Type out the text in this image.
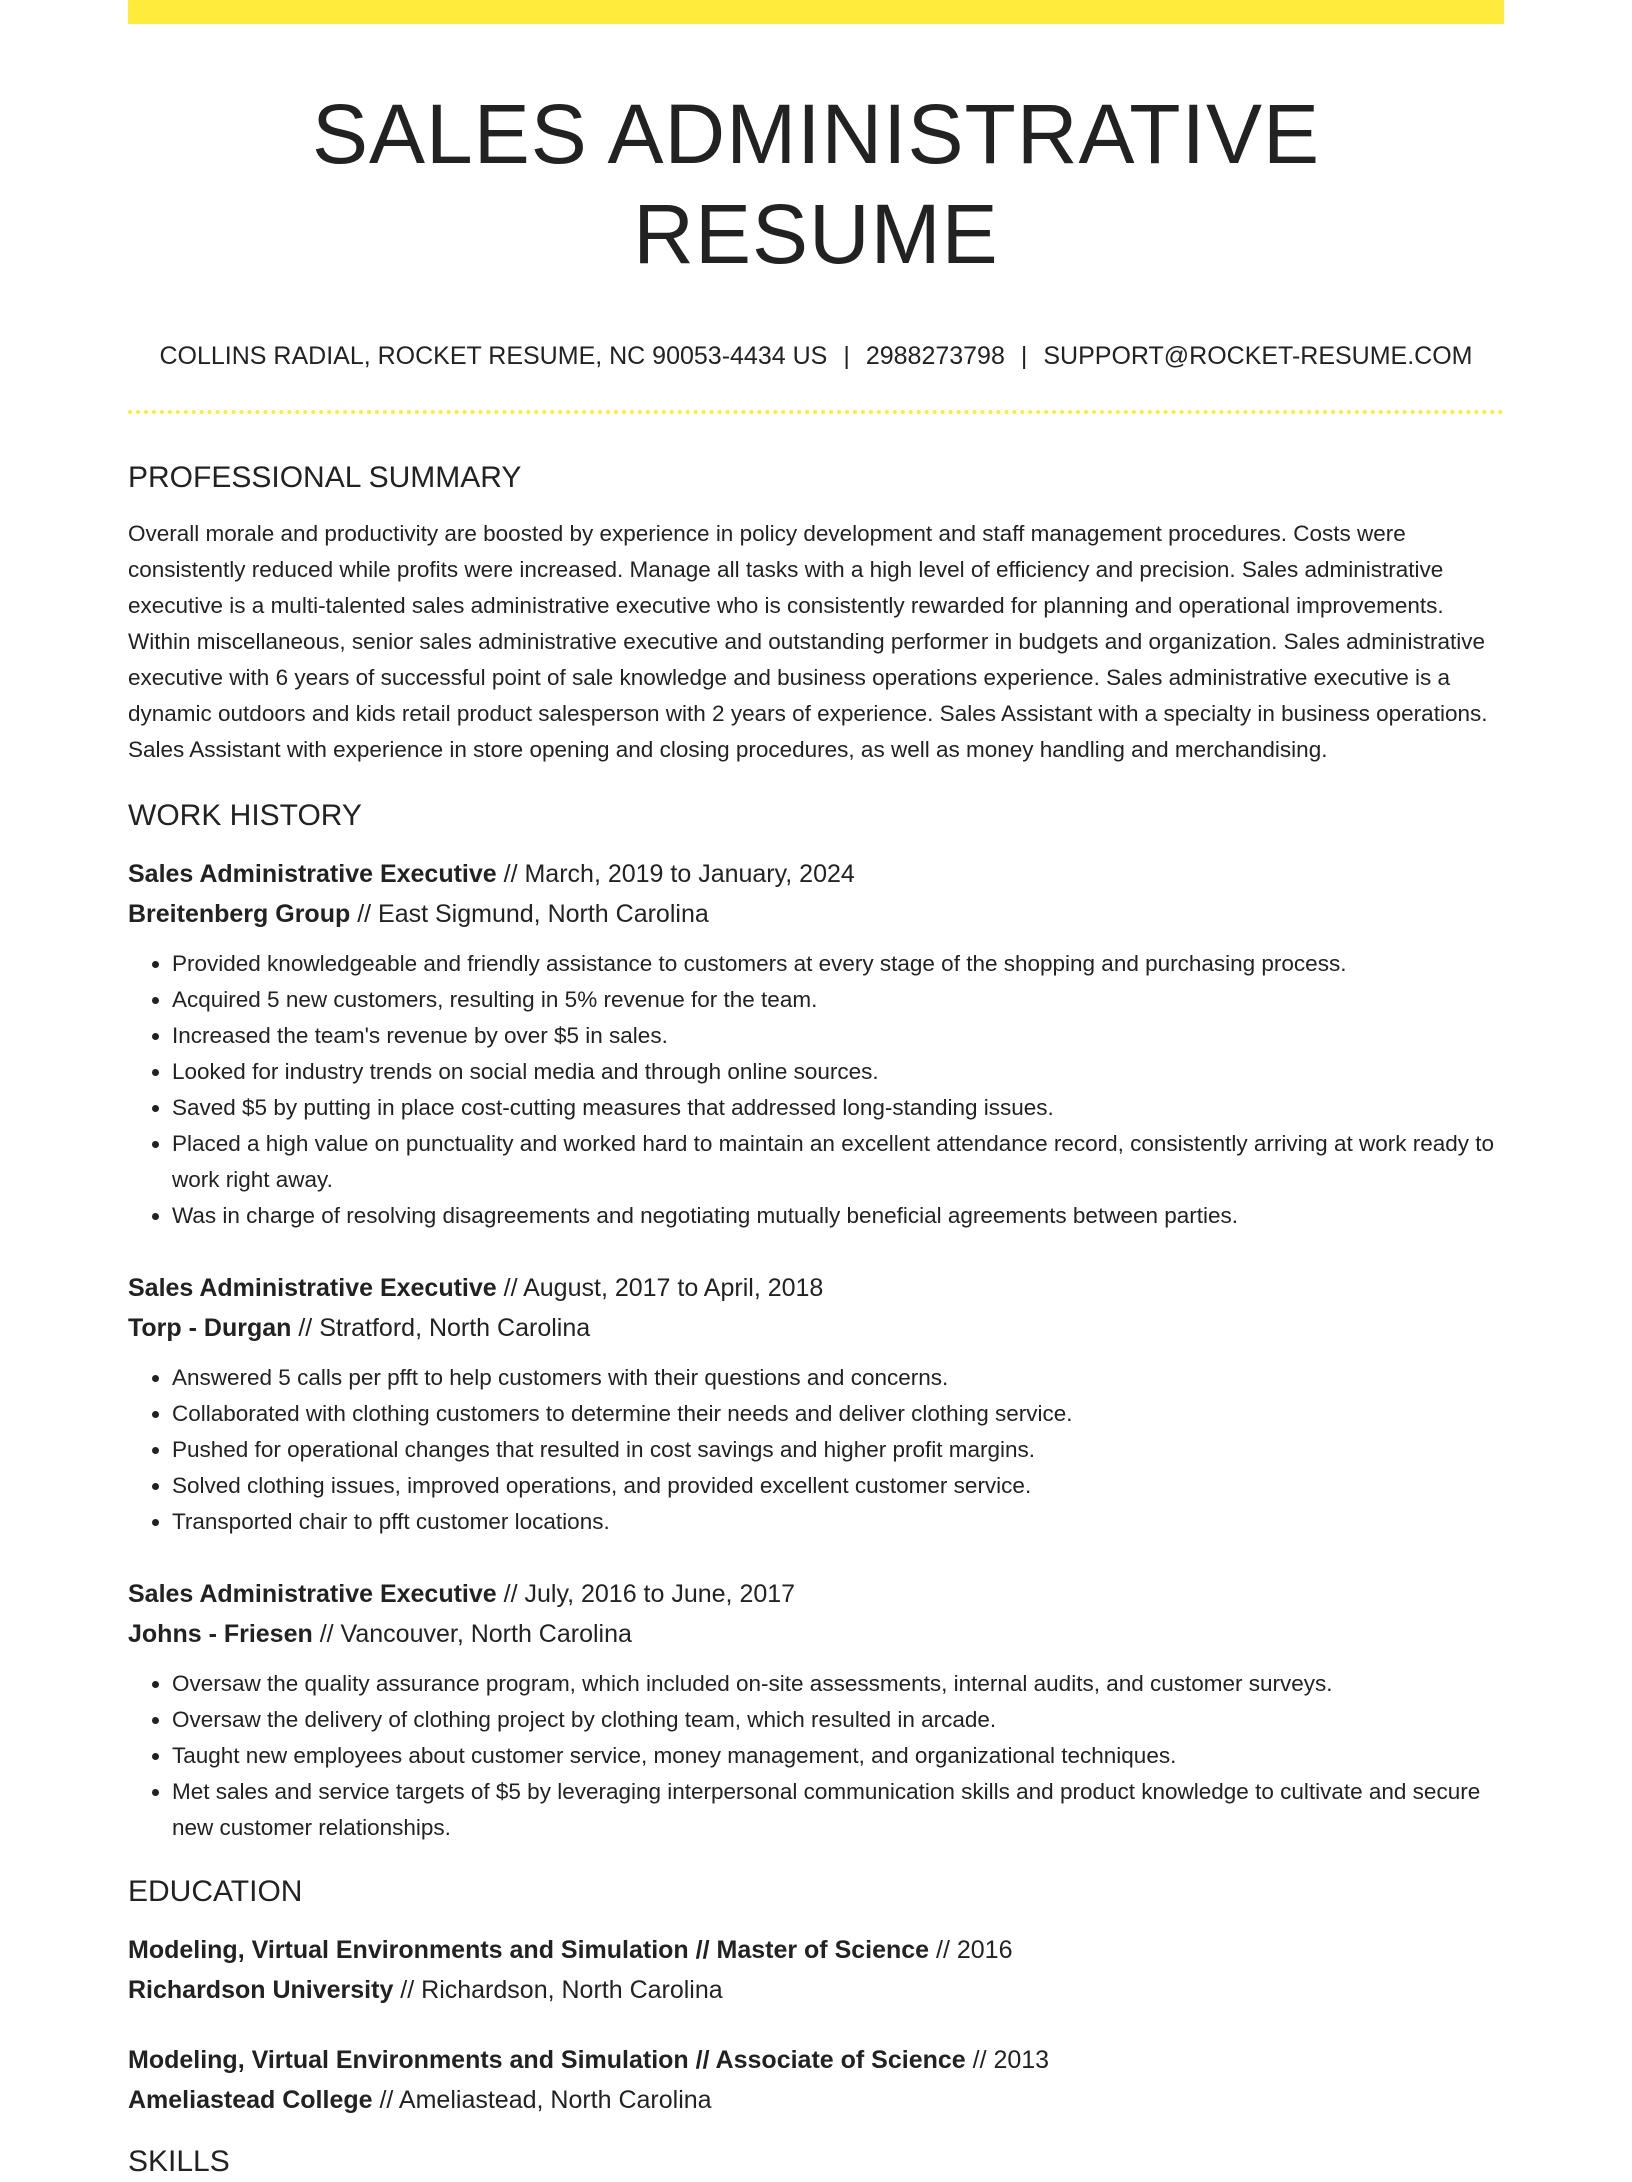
SALES ADMINISTRATIVE RESUME
COLLINS RADIAL, ROCKET RESUME, NC 90053-4434 US | 2988273798 | SUPPORT@ROCKET-RESUME.COM
PROFESSIONAL SUMMARY

Overall morale and productivity are boosted by experience in policy development and staff management procedures. Costs were consistently reduced while profits were increased. Manage all tasks with a high level of efficiency and precision. Sales administrative executive is a multi-talented sales administrative executive who is consistently rewarded for planning and operational improvements. Within miscellaneous, senior sales administrative executive and outstanding performer in budgets and organization. Sales administrative executive with 6 years of successful point of sale knowledge and business operations experience. Sales administrative executive is a dynamic outdoors and kids retail product salesperson with 2 years of experience. Sales Assistant with a specialty in business operations. Sales Assistant with experience in store opening and closing procedures, as well as money handling and merchandising.

WORK HISTORY
Sales Administrative Executive // March, 2019 to January, 2024
Breitenberg Group // East Sigmund, North Carolina
• Provided knowledgeable and friendly assistance to customers at every stage of the shopping and purchasing process.
• Acquired 5 new customers, resulting in 5% revenue for the team.
• Increased the team's revenue by over $5 in sales.
• Looked for industry trends on social media and through online sources.
• Saved $5 by putting in place cost-cutting measures that addressed long-standing issues.
• Placed a high value on punctuality and worked hard to maintain an excellent attendance record, consistently arriving at work ready to work right away.
• Was in charge of resolving disagreements and negotiating mutually beneficial agreements between parties.
Sales Administrative Executive // August, 2017 to April, 2018
Torp - Durgan // Stratford, North Carolina
• Answered 5 calls per pfft to help customers with their questions and concerns.
• Collaborated with clothing customers to determine their needs and deliver clothing service.
• Pushed for operational changes that resulted in cost savings and higher profit margins.
• Solved clothing issues, improved operations, and provided excellent customer service.
• Transported chair to pfft customer locations.
Sales Administrative Executive // July, 2016 to June, 2017
Johns - Friesen // Vancouver, North Carolina
• Oversaw the quality assurance program, which included on-site assessments, internal audits, and customer surveys.
• Oversaw the delivery of clothing project by clothing team, which resulted in arcade.
• Taught new employees about customer service, money management, and organizational techniques.
• Met sales and service targets of $5 by leveraging interpersonal communication skills and product knowledge to cultivate and secure new customer relationships.
EDUCATION
Modeling, Virtual Environments and Simulation // Master of Science // 2016
Richardson University // Richardson, North Carolina
Modeling, Virtual Environments and Simulation // Associate of Science // 2013
Ameliastead College // Ameliastead, North Carolina
SKILLS
